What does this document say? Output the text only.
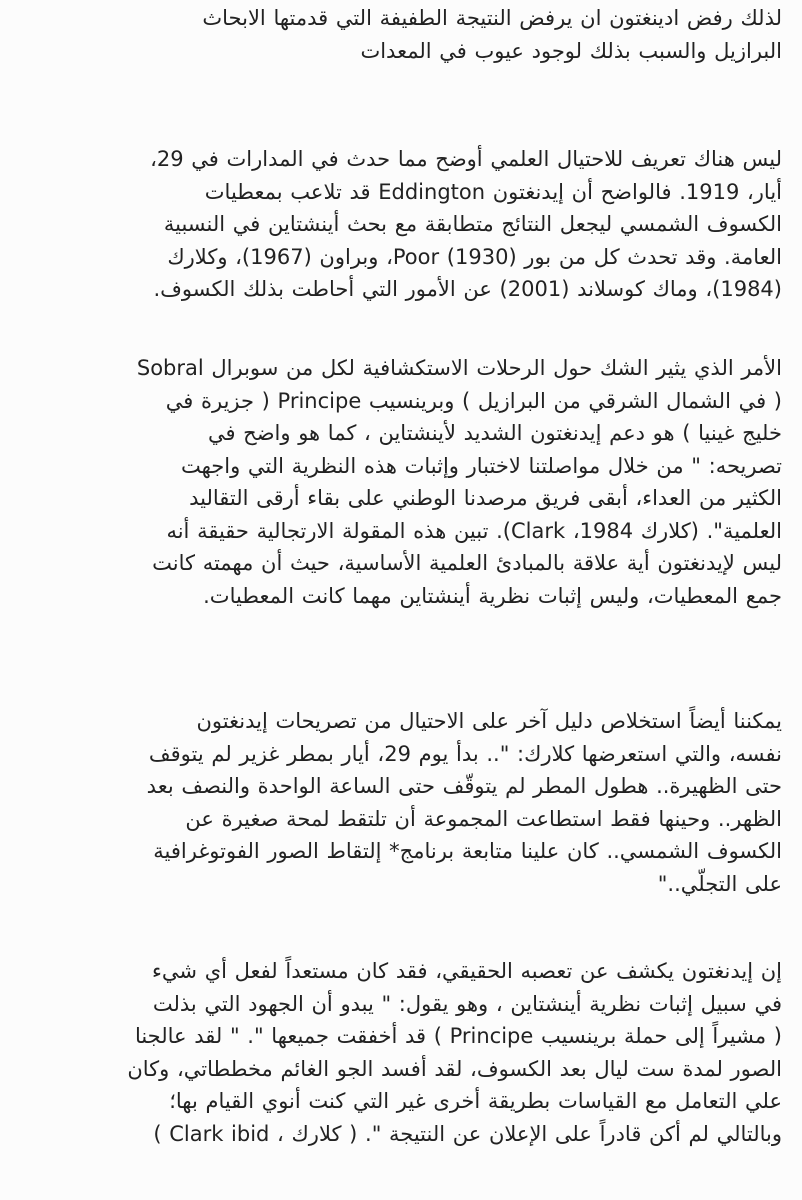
لذلك رفض ادينغتون ان يرفض النتيجة الطفيفة التي قدمتها الابحاث
البرازيل والسبب بذلك لوجود عيوب في المعدات

ليس هناك تعريف للاحتيال العلمي أوضح مما حدث في المدارات في 29،
أيار، 1919. فالواضح أن إيدنغتون Eddington قد تلاعب بمعطيات
الكسوف الشمسي ليجعل النتائج متطابقة مع بحث أينشتاين في النسبية
العامة. وقد تحدث كل من بور (1930) Poor، وبراون (1967)، وكلارك
(1984)، وماك كوسلاند (2001) عن الأمور التي أحاطت بذلك الكسوف.

الأمر الذي يثير الشك حول الرحلات الاستكشافية لكل من سوبرال Sobral
( في الشمال الشرقي من البرازيل ) وبرينسيب Principe ( جزيرة في
خليج غينيا ) هو دعم إيدنغتون الشديد لأينشتاين ، كما هو واضح في
تصريحه: " من خلال مواصلتنا لاختبار وإثبات هذه النظرية التي واجهت
الكثير من العداء، أبقى فريق مرصدنا الوطني على بقاء أرقى التقاليد
العلمية". (كلارك 1984، Clark). تبين هذه المقولة الارتجالية حقيقة أنه
ليس لإيدنغتون أية علاقة بالمبادئ العلمية الأساسية، حيث أن مهمته كانت
جمع المعطيات، وليس إثبات نظرية أينشتاين مهما كانت المعطيات.

يمكننا أيضاً استخلاص دليل آخر على الاحتيال من تصريحات إيدنغتون
نفسه، والتي استعرضها كلارك: ".. بدأ يوم 29، أيار بمطر غزير لم يتوقف
حتى الظهيرة.. هطول المطر لم يتوقّف حتى الساعة الواحدة والنصف بعد
الظهر.. وحينها فقط استطاعت المجموعة أن تلتقط لمحة صغيرة عن
الكسوف الشمسي.. كان علينا متابعة برنامج* إلتقاط الصور الفوتوغرافية
على التجلّي.."

إن إيدنغتون يكشف عن تعصبه الحقيقي، فقد كان مستعداً لفعل أي شيء
في سبيل إثبات نظرية أينشتاين ، وهو يقول: " يبدو أن الجهود التي بذلت
( مشيراً إلى حملة برينسيب Principe ) قد أخفقت جميعها ". " لقد عالجنا
الصور لمدة ست ليال بعد الكسوف، لقد أفسد الجو الغائم مخططاتي، وكان
علي التعامل مع القياسات بطريقة أخرى غير التي كنت أنوي القيام بها؛
وبالتالي لم أكن قادراً على الإعلان عن النتيجة ". ( كلارك ، Clark ibid )
